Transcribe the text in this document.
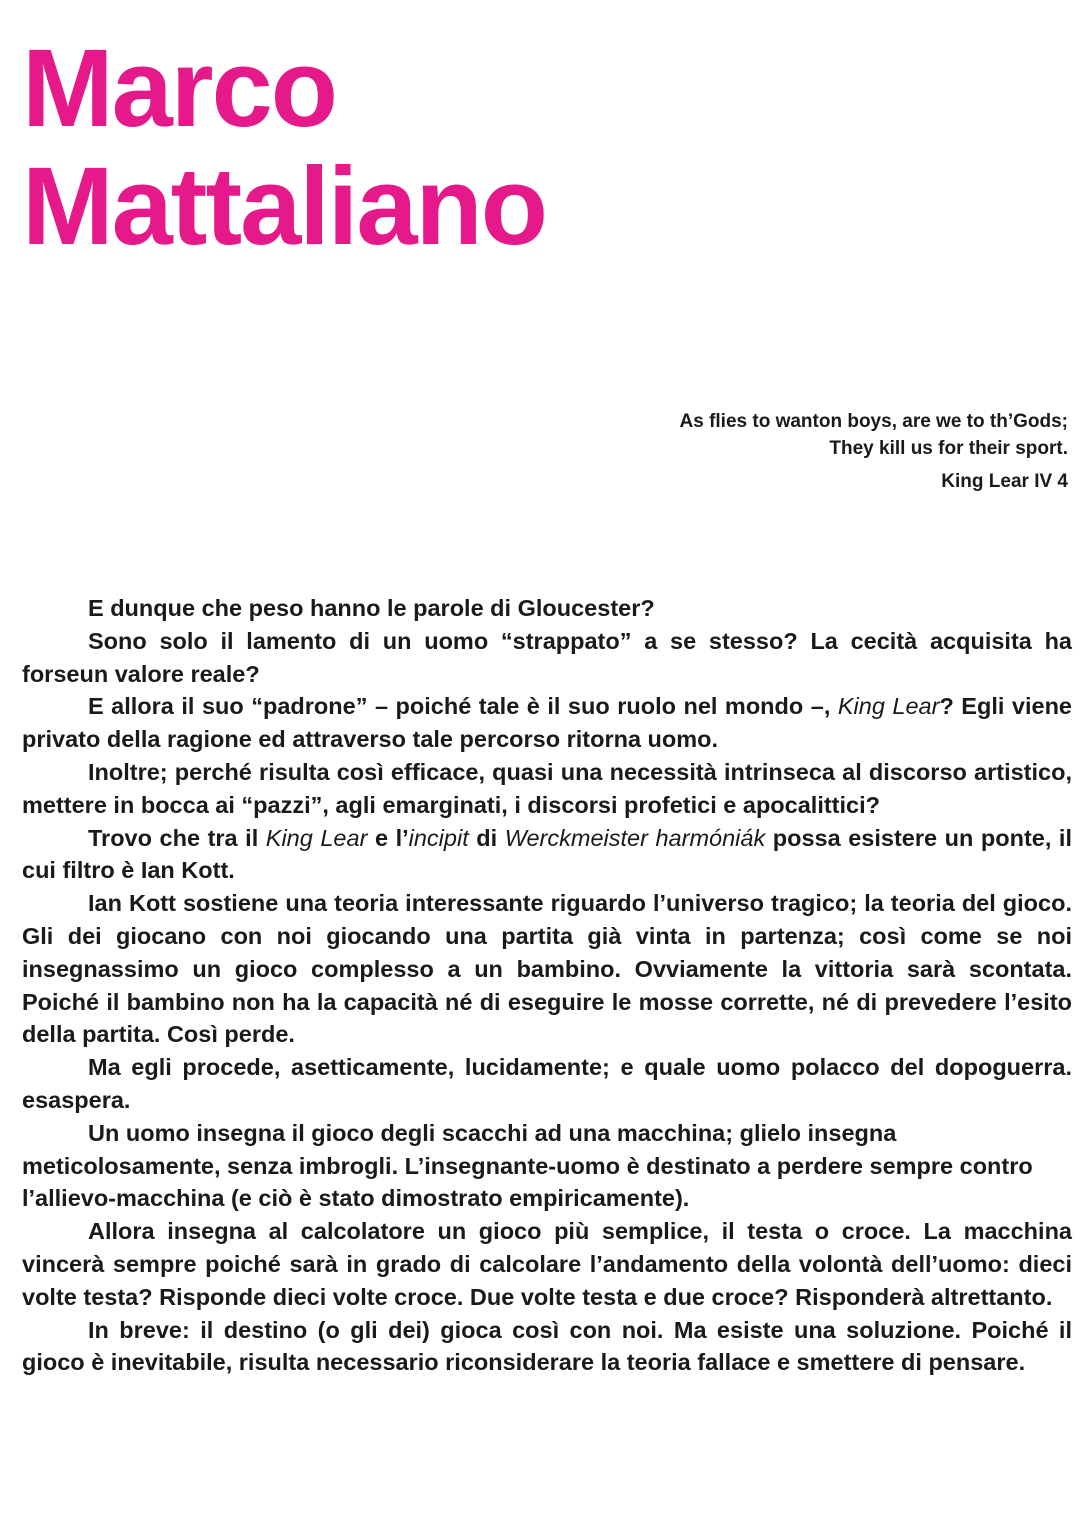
Marco
Mattaliano
As flies to wanton boys, are we to th’Gods;
They kill us for their sport.
King Lear IV 4

E dunque che peso hanno le parole di Gloucester?

Sono solo il lamento di un uomo “strappato” a se stesso? La cecità acquisita ha forseun valore reale?

E allora il suo “padrone” – poiché tale è il suo ruolo nel mondo –, King Lear? Egli viene privato della ragione ed attraverso tale percorso ritorna uomo.

Inoltre; perché risulta così efficace, quasi una necessità intrinseca al discorso artistico, mettere in bocca ai “pazzi”, agli emarginati, i discorsi profetici e apocalittici?

Trovo che tra il King Lear e l’incipit di Werckmeister harmóniák possa esistere un ponte, il cui filtro è Ian Kott.

Ian Kott sostiene una teoria interessante riguardo l’universo tragico; la teoria del gioco. Gli dei giocano con noi giocando una partita già vinta in partenza; così come se noi insegnassimo un gioco complesso a un bambino. Ovviamente la vittoria sarà scontata. Poiché il bambino non ha la capacità né di eseguire le mosse corrette, né di prevedere l’esito della partita. Così perde.

Ma egli procede, asetticamente, lucidamente; e quale uomo polacco del dopoguerra. esaspera.

Un uomo insegna il gioco degli scacchi ad una macchina; glielo insegna meticolosamente, senza imbrogli. L’insegnante-uomo è destinato a perdere sempre contro
l’allievo-macchina (e ciò è stato dimostrato empiricamente).

Allora insegna al calcolatore un gioco più semplice, il testa o croce. La macchina vincerà sempre poiché sarà in grado di calcolare l’andamento della volontà dell’uomo: dieci volte testa? Risponde dieci volte croce. Due volte testa e due croce? Risponderà altrettanto.

In breve: il destino (o gli dei) gioca così con noi. Ma esiste una soluzione. Poiché il gioco è inevitabile, risulta necessario riconsiderare la teoria fallace e smettere di pensare.
